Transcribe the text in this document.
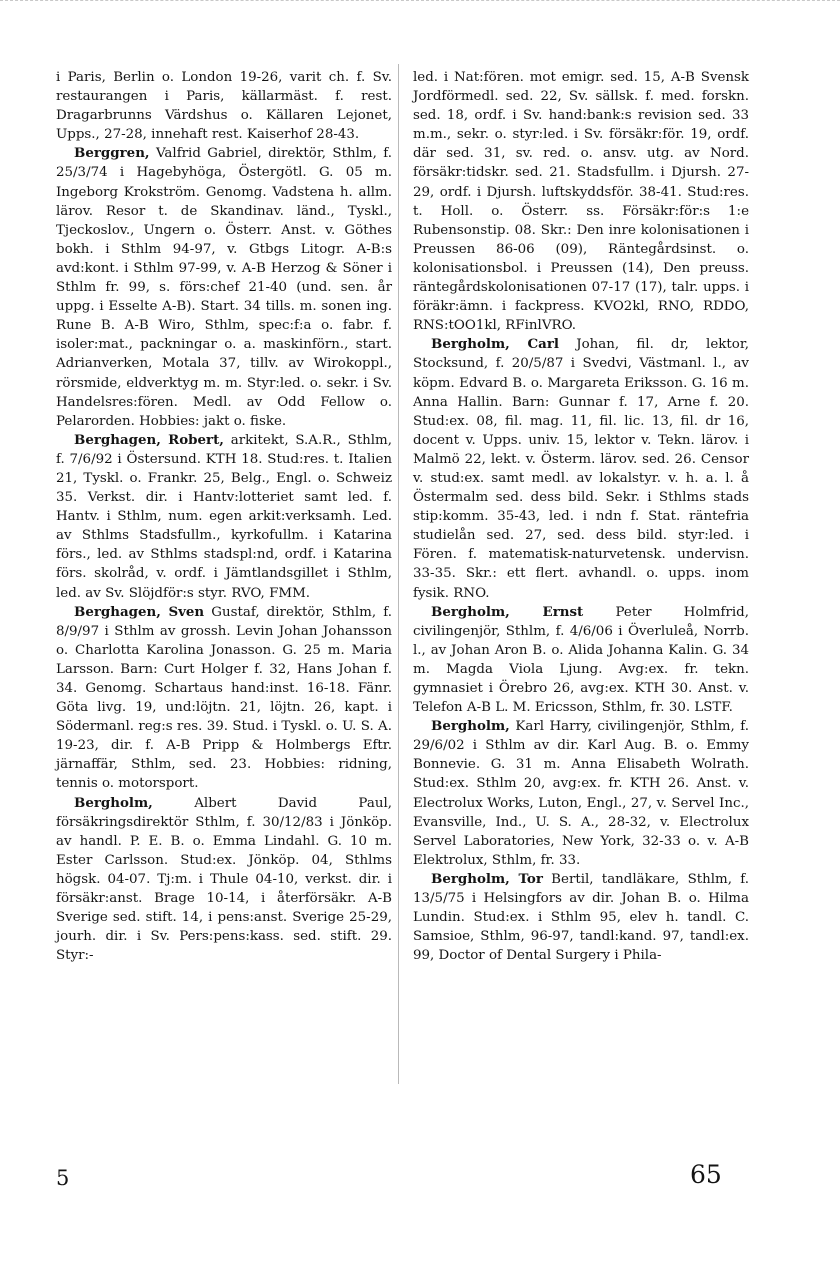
i Paris, Berlin o. London 19-26, varit ch. f. Sv. restaurangen i Paris, källarmäst. f. rest. Dragarbrunns Värdshus o. Källaren Lejonet, Upps., 27-28, innehaft rest. Kaiserhof 28-43.

Berggren, Valfrid Gabriel, direktör, Sthlm, f. 25/3/74 i Hagebyhöga, Östergötl. G. 05 m. Ingeborg Krokström. Genomg. Vadstena h. allm. lärov. Resor t. de Skandinav. länd., Tyskl., Tjeckoslov., Ungern o. Österr. Anst. v. Göthes bokh. i Sthlm 94-97, v. Gtbgs Litogr. A-B:s avd:kont. i Sthlm 97-99, v. A-B Herzog & Söner i Sthlm fr. 99, s. förs:chef 21-40 (und. sen. år uppg. i Esselte A-B). Start. 34 tills. m. sonen ing. Rune B. A-B Wiro, Sthlm, spec:f:a o. fabr. f. isoler:mat., packningar o. a. maskinförn., start. Adrianverken, Motala 37, tillv. av Wirokoppl., rörsmide, eldverktyg m. m. Styr:led. o. sekr. i Sv. Handelsres:fören. Medl. av Odd Fellow o. Pelarorden. Hobbies: jakt o. fiske.

Berghagen, Robert, arkitekt, S.A.R., Sthlm, f. 7/6/92 i Östersund. KTH 18. Stud:res. t. Italien 21, Tyskl. o. Frankr. 25, Belg., Engl. o. Schweiz 35. Verkst. dir. i Hantv:lotteriet samt led. f. Hantv. i Sthlm, num. egen arkit:verksamh. Led. av Sthlms Stadsfullm., kyrkofullm. i Katarina förs., led. av Sthlms stadspl:nd, ordf. i Katarina förs. skolråd, v. ordf. i Jämtlandsgillet i Sthlm, led. av Sv. Slöjdför:s styr. RVO, FMM.

Berghagen, Sven Gustaf, direktör, Sthlm, f. 8/9/97 i Sthlm av grossh. Levin Johan Johansson o. Charlotta Karolina Jonasson. G. 25 m. Maria Larsson. Barn: Curt Holger f. 32, Hans Johan f. 34. Genomg. Schartaus hand:inst. 16-18. Fänr. Göta livg. 19, und:löjtn. 21, löjtn. 26, kapt. i Södermanl. reg:s res. 39. Stud. i Tyskl. o. U. S. A. 19-23, dir. f. A-B Pripp & Holmbergs Eftr. järnaffär, Sthlm, sed. 23. Hobbies: ridning, tennis o. motorsport.

Bergholm, Albert David Paul, försäkringsdirektör Sthlm, f. 30/12/83 i Jönköp. av handl. P. E. B. o. Emma Lindahl. G. 10 m. Ester Carlsson. Stud:ex. Jönköp. 04, Sthlms högsk. 04-07. Tj:m. i Thule 04-10, verkst. dir. i försäkr:anst. Brage 10-14, i återförsäkr. A-B Sverige sed. stift. 14, i pens:anst. Sverige 25-29, jourh. dir. i Sv. Pers:pens:kass. sed. stift. 29. Styr:-

led. i Nat:fören. mot emigr. sed. 15, A-B Svensk Jordförmedl. sed. 22, Sv. sällsk. f. med. forskn. sed. 18, ordf. i Sv. hand:bank:s revision sed. 33 m.m., sekr. o. styr:led. i Sv. försäkr:för. 19, ordf. där sed. 31, sv. red. o. ansv. utg. av Nord. försäkr:tidskr. sed. 21. Stadsfullm. i Djursh. 27-29, ordf. i Djursh. luftskyddsför. 38-41. Stud:res. t. Holl. o. Österr. ss. Försäkr:för:s 1:e Rubensonstip. 08. Skr.: Den inre kolonisationen i Preussen 86-06 (09), Räntegårdsinst. o. kolonisationsbol. i Preussen (14), Den preuss. räntegårdskolonisationen 07-17 (17), talr. upps. i föräkr:ämn. i fackpress. KVO2kl, RNO, RDDO, RNS:tOO1kl, RFinlVRO.

Bergholm, Carl Johan, fil. dr, lektor, Stocksund, f. 20/5/87 i Svedvi, Västmanl. l., av köpm. Edvard B. o. Margareta Eriksson. G. 16 m. Anna Hallin. Barn: Gunnar f. 17, Arne f. 20. Stud:ex. 08, fil. mag. 11, fil. lic. 13, fil. dr 16, docent v. Upps. univ. 15, lektor v. Tekn. lärov. i Malmö 22, lekt. v. Österm. lärov. sed. 26. Censor v. stud:ex. samt medl. av lokalstyr. v. h. a. l. å Östermalm sed. dess bild. Sekr. i Sthlms stads stip:komm. 35-43, led. i ndn f. Stat. räntefria studielån sed. 27, sed. dess bild. styr:led. i Fören. f. matematisk-naturvetensk. undervisn. 33-35. Skr.: ett flert. avhandl. o. upps. inom fysik. RNO.

Bergholm, Ernst Peter Holmfrid, civilingenjör, Sthlm, f. 4/6/06 i Överluleå, Norrb. l., av Johan Aron B. o. Alida Johanna Kalin. G. 34 m. Magda Viola Ljung. Avg:ex. fr. tekn. gymnasiet i Örebro 26, avg:ex. KTH 30. Anst. v. Telefon A-B L. M. Ericsson, Sthlm, fr. 30. LSTF.

Bergholm, Karl Harry, civilingenjör, Sthlm, f. 29/6/02 i Sthlm av dir. Karl Aug. B. o. Emmy Bonnevie. G. 31 m. Anna Elisabeth Wolrath. Stud:ex. Sthlm 20, avg:ex. fr. KTH 26. Anst. v. Electrolux Works, Luton, Engl., 27, v. Servel Inc., Evansville, Ind., U. S. A., 28-32, v. Electrolux Servel Laboratories, New York, 32-33 o. v. A-B Elektrolux, Sthlm, fr. 33.

Bergholm, Tor Bertil, tandläkare, Sthlm, f. 13/5/75 i Helsingfors av dir. Johan B. o. Hilma Lundin. Stud:ex. i Sthlm 95, elev h. tandl. C. Samsioe, Sthlm, 96-97, tandl:kand. 97, tandl:ex. 99, Doctor of Dental Surgery i Phila-

5	65
